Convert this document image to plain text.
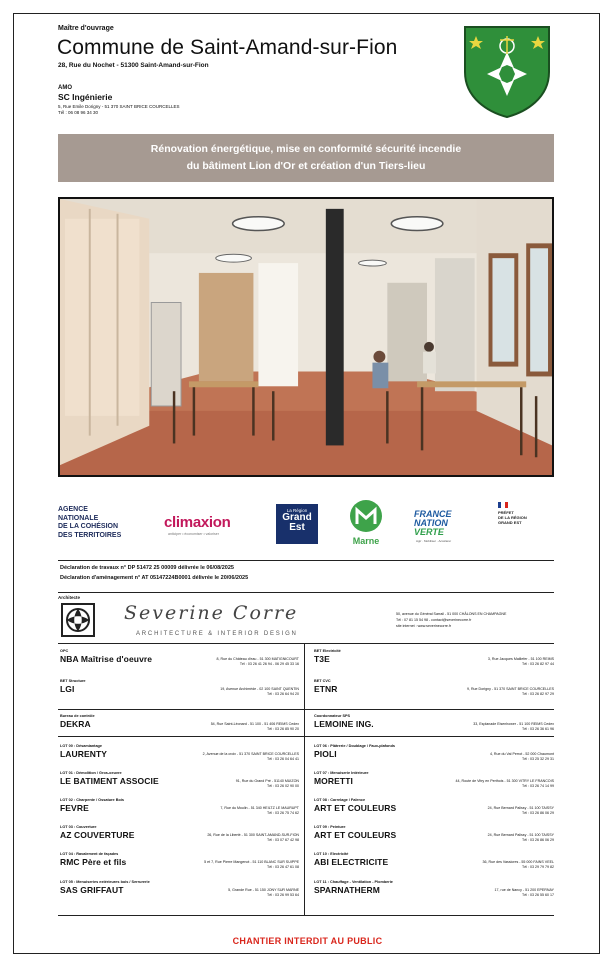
Maître d'ouvrage
Commune de Saint-Amand-sur-Fion
28, Rue du Nochet - 51300 Saint-Amand-sur-Fion
AMO
SC Ingénierie
5, Rue Emile Dorigny - 51 370 SAINT BRICE COURCELLES
Tél : 06 08 96 34 30
Rénovation énergétique, mise en conformité sécurité incendie
du bâtiment Lion d'Or et création d'un Tiers-lieu
AGENCE
NATIONALE
DE LA COHÉSION
DES TERRITOIRES
climaxion
anticiper • économiser • valoriser
La Région
Grand
Est
Marne
FRANCE
NATION
VERTE
Agir · Mobiliser · Accélérer
PRÉFET
DE LA RÉGION
GRAND EST
Déclaration de travaux n° DP 51472 25 00009 délivrée le 06/08/2025
Déclaration d'aménagement n° AT 05147224B0001 délivrée le 20/06/2025
Architecte
Severine Corre
ARCHITECTURE & INTERIOR DESIGN
50, avenue du Général Sarrail - 51 000 CHÂLONS EN CHAMPAGNE
Tél : 07 81 15 54 98 - contact@severinecorre.fr
site internet : www.severinecorre.fr
OPC
NBA Maîtrise d'oeuvre	8, Rue du Château d'eau - 51 300 MATIGNICOURT
Tél : 03 26 41 26 94 - 06 29 45 33 16
BET Structure
LGI	19, Avenue Archimède - 02 100 SAINT QUENTIN
Tél : 03 26 64 94 20
Bureau de contrôle
DEKRA	54, Rue Saint-Léonard - 51 100 - 51 406 REIMS Cedex
Tél : 03 26 85 90 20
LOT 00 : Désamiantage
LAURENTY	2, Avenue de la croix - 51 370 SAINT BRICE COURCELLES
Tél : 03 26 04 64 41
LOT 01 : Démolition / Gros-oeuvre
LE BATIMENT ASSOCIE	91, Rue du Grand Pré - 51140 MUIZON
Tél : 03 26 02 90 00
LOT 02 : Charpente / Ossature Bois
FEVRE	7, Rue du Moulin - 51 340 HEILTZ LE MAURUPT
Tél : 03 26 75 74 62
LOT 03 : Couverture
AZ COUVERTURE	26, Rue de la Liberté - 51 300 SAINT-AMAND-SUR-FION
Tél : 03 07 67 42 98
LOT 04 : Ravalement de façades
RMC Père et fils	5 et 7, Rue Pierre Mangenot - 51 110 BLANC SUR SUIPPE
Tél : 03 26 47 61 08
LOT 05 : Menuiseries extérieures bois / Serrurerie
SAS GRIFFAUT	5, Grande Rue - 51 150 JONY SUR MARNE
Tél : 03 26 99 53 64
BET Electricité
T3E	3, Rue Jacques Maillefer - 51 100 REIMS
Tél : 03 26 82 97 44
BET CVC
ETNR	9, Rue Dorigny - 51 370 SAINT BRICE COURCELLES
Tél : 03 26 82 97 29
Coordonnateur SPS
LEMOINE ING.	33, Esplanade Eisenhower - 51 100 REIMS Cedex
Tél : 03 26 36 61 96
LOT 06 : Plâtrerie / Doublage / Faux-plafonds
PIOLI	4, Rue du Val Perrot - 52 000 Chaumont
Tél : 03 25 32 29 31
LOT 07 : Menuiserie Intérieure
MORETTI	44, Route de Vitry en Perthois - 51 300 VITRY LE FRANCOIS
Tél : 03 26 74 14 99
LOT 08 : Carrelage / Faïence
ART ET COULEURS	24, Rue Bernard Palissy - 51 100 TAISSY
Tél : 03 26 86 06 29
LOT 09 : Peinture
ART ET COULEURS	24, Rue Bernard Palissy - 51 100 TAISSY
Tél : 03 26 86 06 29
LOT 10 : Electricité
ABI ELECTRICITE	36, Rue des Vassicres - 55 000 FAINS VEEL
Tél : 03 29 79 79 82
LOT 11 : Chauffage - Ventilation - Plomberie
SPARNATHERM	17, rue de Nancy - 51 200 EPERNAY
Tél : 03 26 55 60 17
CHANTIER INTERDIT AU PUBLIC
